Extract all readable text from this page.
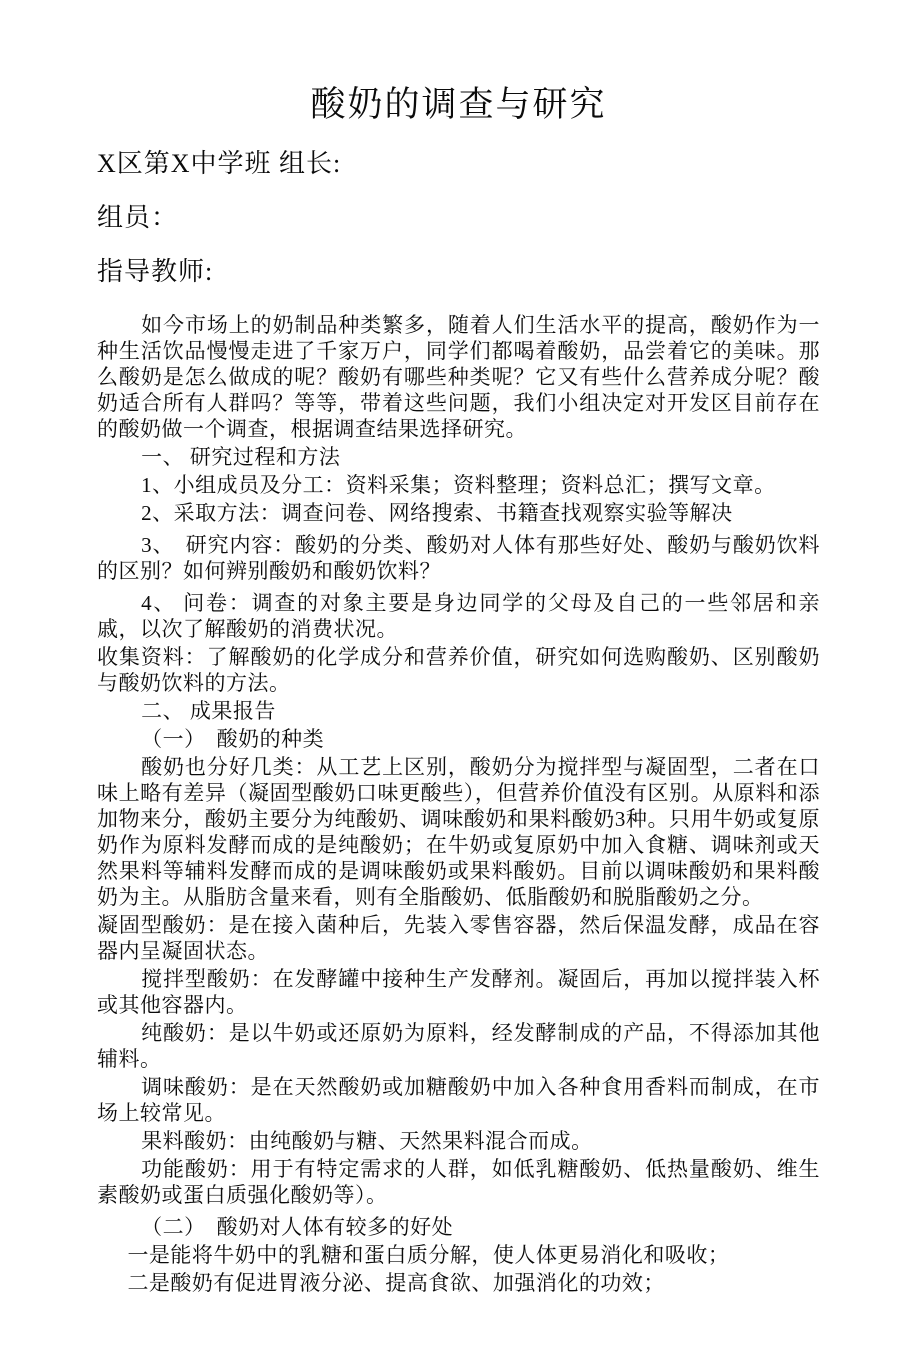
酸奶的调查与研究
X区第X中学班 组长:
组员：
指导教师:

如今市场上的奶制品种类繁多，随着人们生活水平的提高，酸奶作为一种生活饮品慢慢走进了千家万户，同学们都喝着酸奶，品尝着它的美味。那么酸奶是怎么做成的呢？酸奶有哪些种类呢？它又有些什么营养成分呢？酸奶适合所有人群吗？等等，带着这些问题，我们小组决定对开发区目前存在的酸奶做一个调查，根据调查结果选择研究。

一、 研究过程和方法

1、小组成员及分工：资料采集；资料整理；资料总汇；撰写文章。

2、采取方法：调查问卷、网络搜索、书籍查找观察实验等解决

3、　研究内容：酸奶的分类、酸奶对人体有那些好处、酸奶与酸奶饮料的区别？如何辨别酸奶和酸奶饮料？

4、 问卷：调查的对象主要是身边同学的父母及自己的一些邻居和亲戚，以次了解酸奶的消费状况。

收集资料：了解酸奶的化学成分和营养价值，研究如何选购酸奶、区别酸奶与酸奶饮料的方法。

二、 成果报告

（一）　酸奶的种类

酸奶也分好几类：从工艺上区别，酸奶分为搅拌型与凝固型，二者在口味上略有差异（凝固型酸奶口味更酸些），但营养价值没有区别。从原料和添加物来分，酸奶主要分为纯酸奶、调味酸奶和果料酸奶3种。只用牛奶或复原奶作为原料发酵而成的是纯酸奶；在牛奶或复原奶中加入食糖、调味剂或天然果料等辅料发酵而成的是调味酸奶或果料酸奶。目前以调味酸奶和果料酸奶为主。从脂肪含量来看，则有全脂酸奶、低脂酸奶和脱脂酸奶之分。

凝固型酸奶：是在接入菌种后，先装入零售容器，然后保温发酵，成品在容器内呈凝固状态。

搅拌型酸奶：在发酵罐中接种生产发酵剂。凝固后，再加以搅拌装入杯或其他容器内。

纯酸奶：是以牛奶或还原奶为原料，经发酵制成的产品，不得添加其他辅料。

调味酸奶：是在天然酸奶或加糖酸奶中加入各种食用香料而制成，在市场上较常见。

果料酸奶：由纯酸奶与糖、天然果料混合而成。

功能酸奶：用于有特定需求的人群，如低乳糖酸奶、低热量酸奶、维生素酸奶或蛋白质强化酸奶等）。

（二）　酸奶对人体有较多的好处

一是能将牛奶中的乳糖和蛋白质分解，使人体更易消化和吸收；

二是酸奶有促进胃液分泌、提高食欲、加强消化的功效；
